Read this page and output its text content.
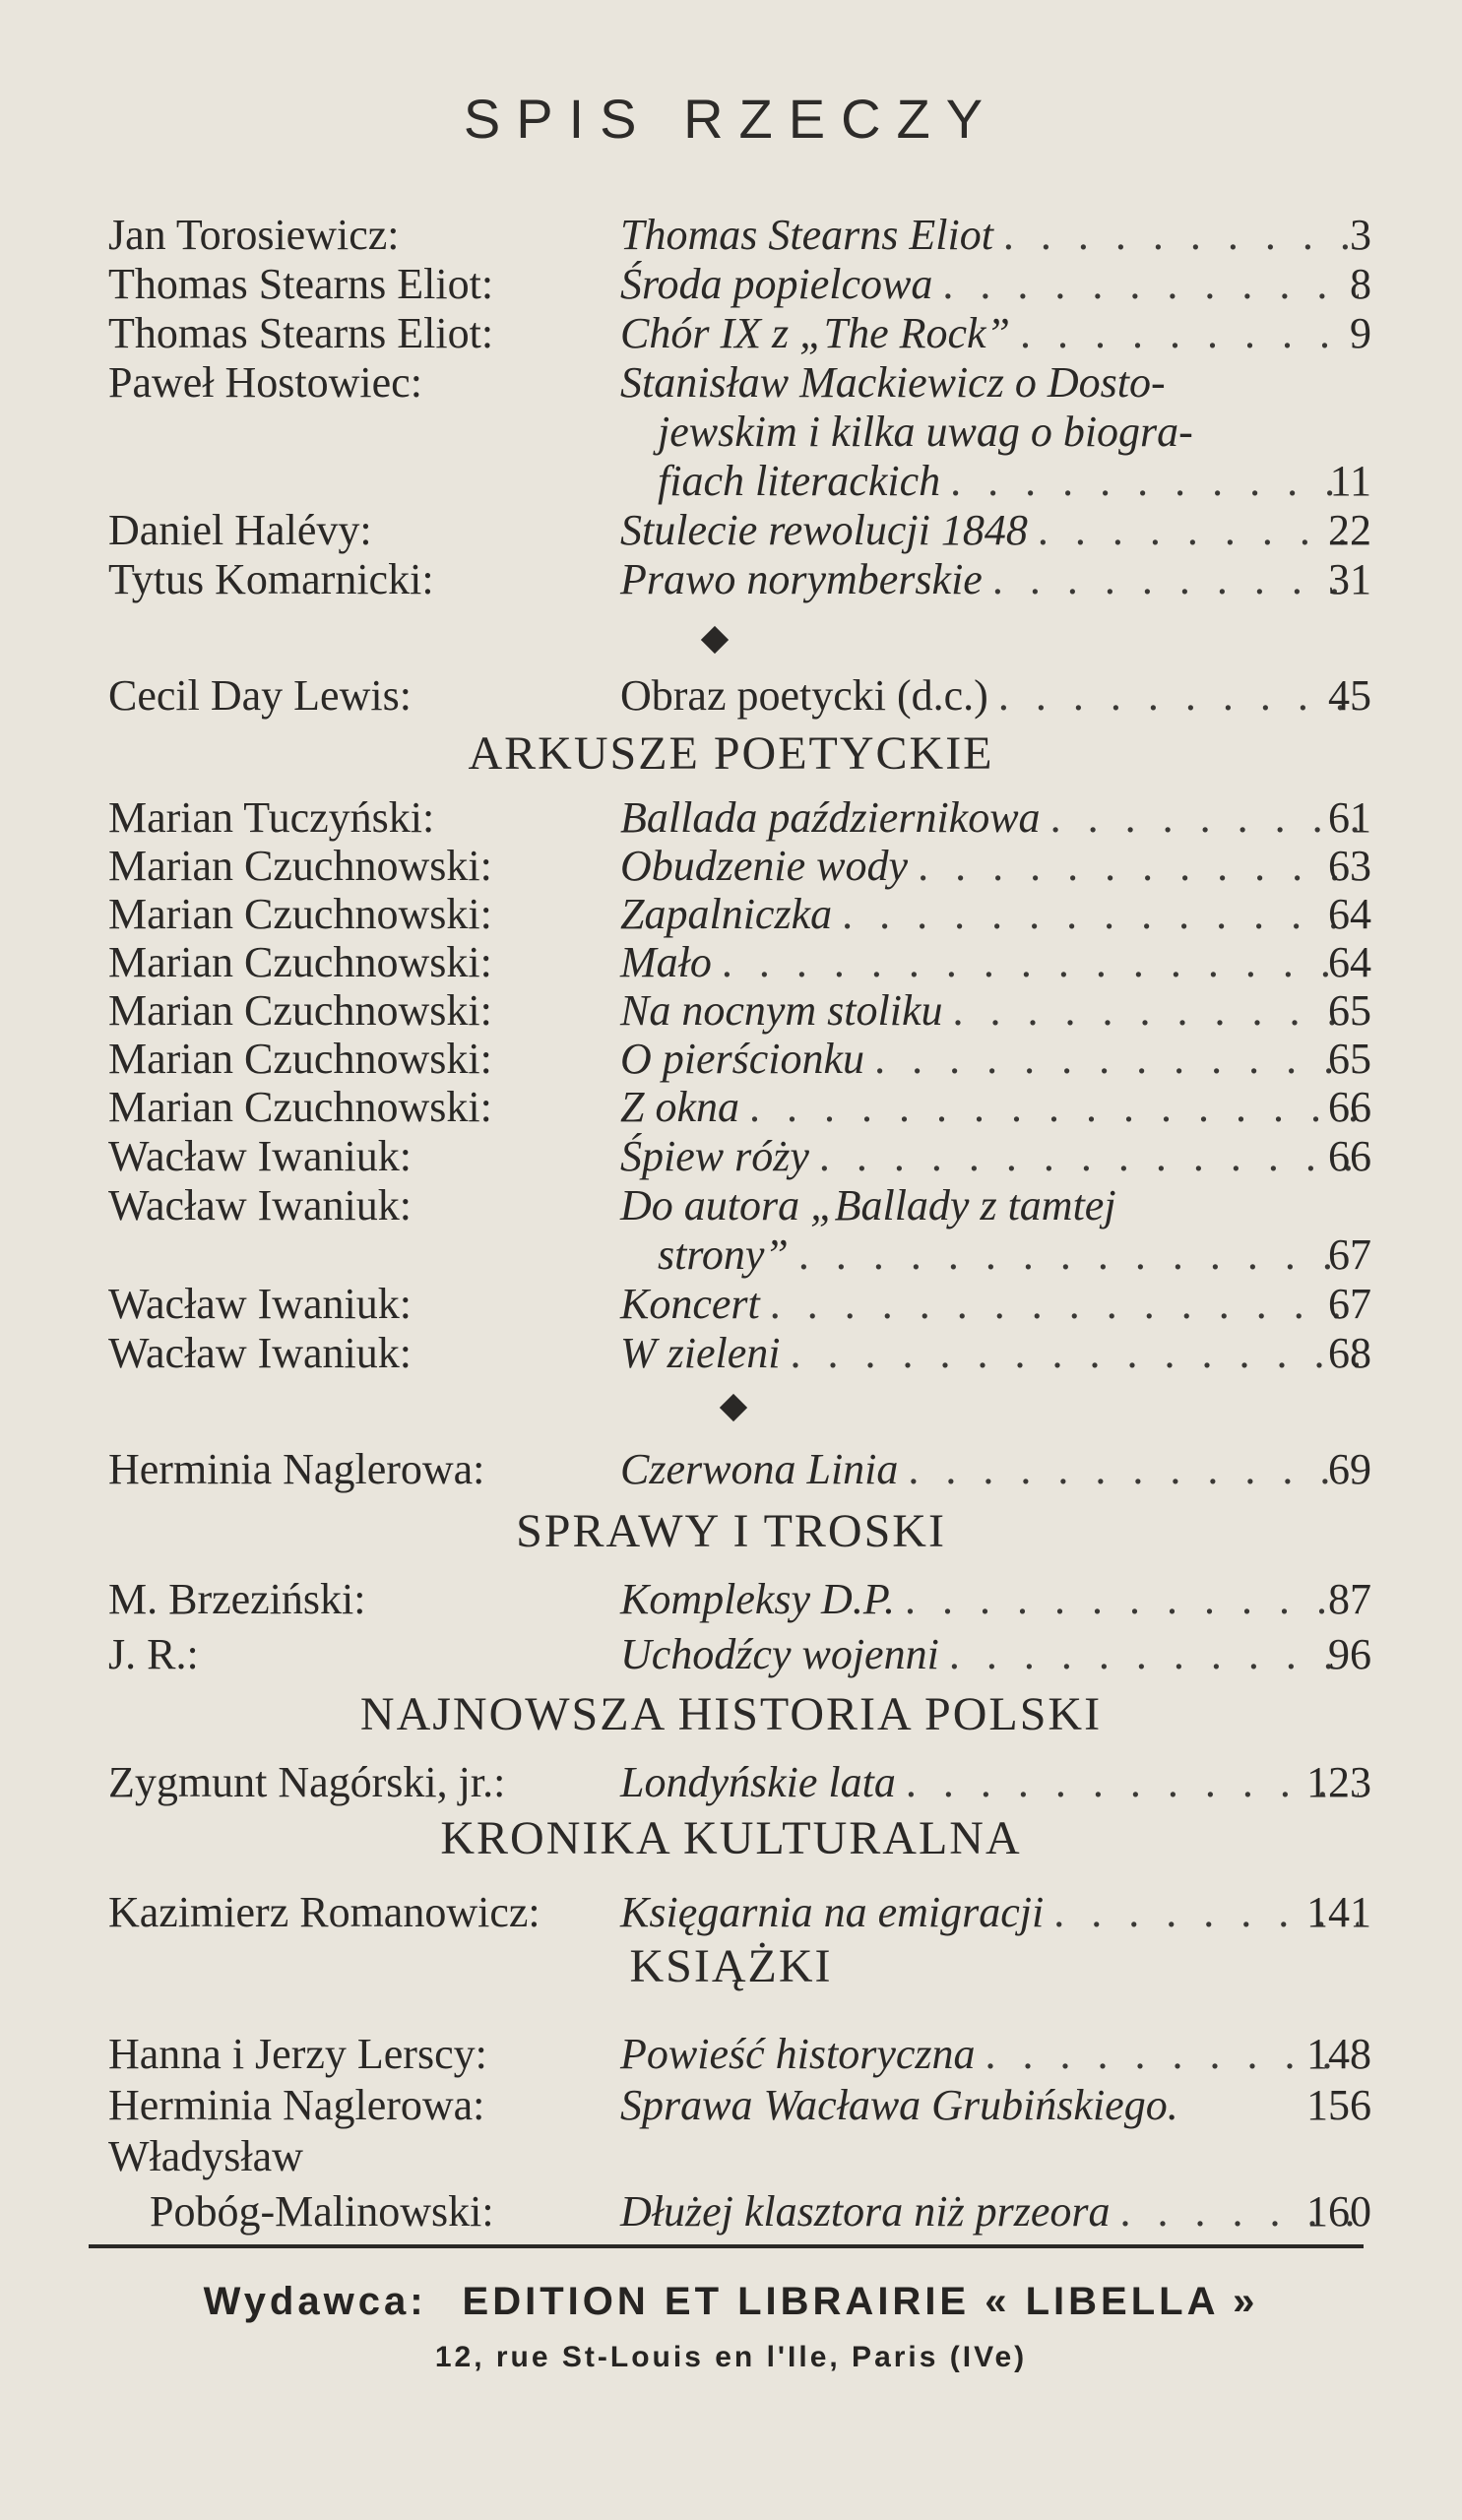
SPIS RZECZY
Jan Torosiewicz:	Thomas Stearns Eliot . . .	3
Thomas Stearns Eliot:	Środa popielcowa . . .	8
Thomas Stearns Eliot:	Chór IX z „The Rock” . . .	9
Paweł Hostowiec:	Stanisław Mackiewicz o Dosto-
jewskim i kilka uwag o biogra-
fiach literackich . . .	11
Daniel Halévy:	Stulecie rewolucji 1848 . . .	22
Tytus Komarnicki:	Prawo norymberskie . . .	31
Cecil Day Lewis:	Obraz poetycki (d.c.) . . .	45
ARKUSZE POETYCKIE
Marian Tuczyński:	Ballada październikowa . . .	61
Marian Czuchnowski:	Obudzenie wody . . .	63
Marian Czuchnowski:	Zapalniczka . . .	64
Marian Czuchnowski:	Mało . . .	64
Marian Czuchnowski:	Na nocnym stoliku . . .	65
Marian Czuchnowski:	O pierścionku . . .	65
Marian Czuchnowski:	Z okna . . .	66
Wacław Iwaniuk:	Śpiew róży . . .	66
Wacław Iwaniuk:	Do autora „Ballady z tamtej
strony” . . .	67
Wacław Iwaniuk:	Koncert . . .	67
Wacław Iwaniuk:	W zieleni . . .	68
Herminia Naglerowa:	Czerwona Linia . . .	69
SPRAWY I TROSKI
M. Brzeziński:	Kompleksy D.P. . . .	87
J. R.:	Uchodźcy wojenni . . .	96
NAJNOWSZA HISTORIA POLSKI
Zygmunt Nagórski, jr.:	Londyńskie lata . . .	123
KRONIKA KULTURALNA
Kazimierz Romanowicz: Księgarnia na emigracji . . .	141
KSIĄŻKI
Hanna i Jerzy Lerscy:	Powieść historyczna . . .	148
Herminia Naglerowa:	Sprawa Wacława Grubińskiego.	156
Władysław
Pobóg-Malinowski:	Dłużej klasztora niż przeora . . .	160
Wydawca: EDITION ET LIBRAIRIE « LIBELLA »
12, rue St-Louis en l'Ile, Paris (IVe)
